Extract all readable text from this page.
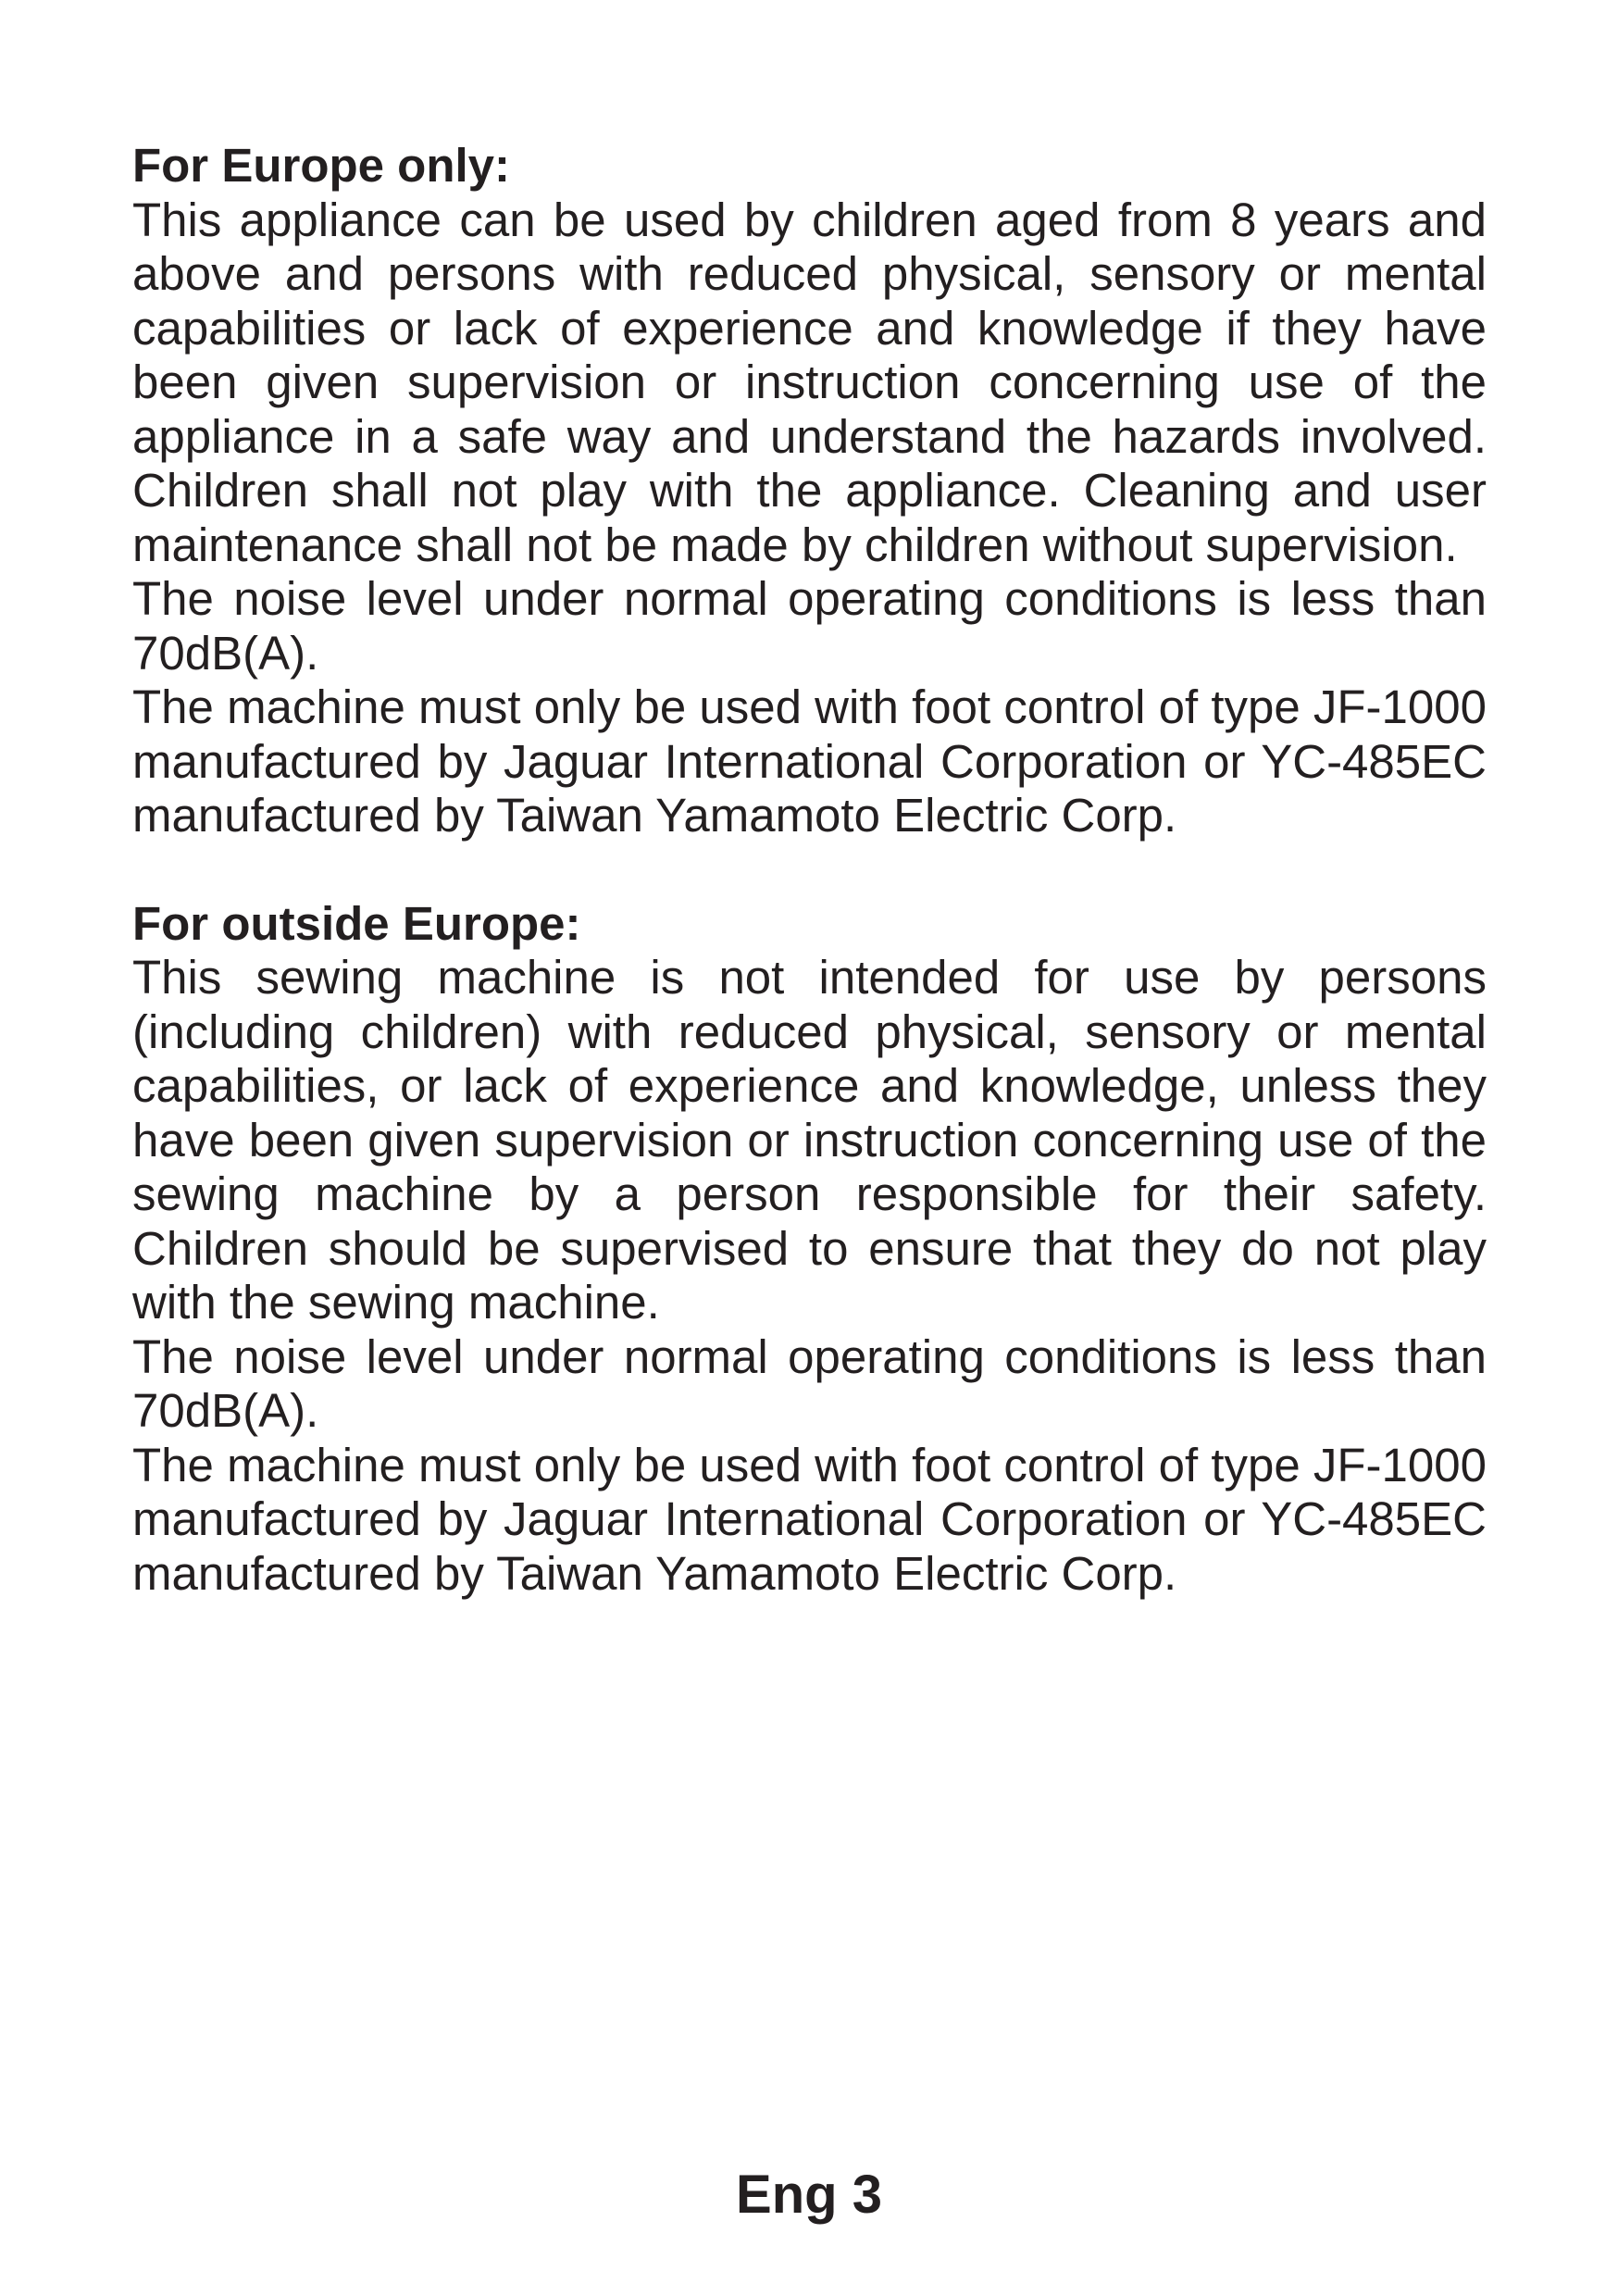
For Europe only:

This appliance can be used by children aged from 8 years and above and persons with reduced physical, sensory or mental capabilities or lack of experience and knowledge if they have been given supervision or instruction concerning use of the appliance in a safe way and understand the hazards involved. Children shall not play with the appliance. Cleaning and user maintenance shall not be made by children without supervision.

The noise level under normal operating conditions is less than 70dB(A).

The machine must only be used with foot control of type JF-1000 manufactured by Jaguar International Corporation or YC-485EC manufactured by Taiwan Yamamoto Electric Corp.

For outside Europe:

This sewing machine is not intended for use by persons (including children) with reduced physical, sensory or mental capabilities, or lack of experience and knowledge, unless they have been given supervision or instruction concerning use of the sewing machine by a person responsible for their safety. Children should be supervised to ensure that they do not play with the sewing machine.

The noise level under normal operating conditions is less than 70dB(A).

The machine must only be used with foot control of type JF-1000 manufactured by Jaguar International Corporation or YC-485EC manufactured by Taiwan Yamamoto Electric Corp.

Eng 3
